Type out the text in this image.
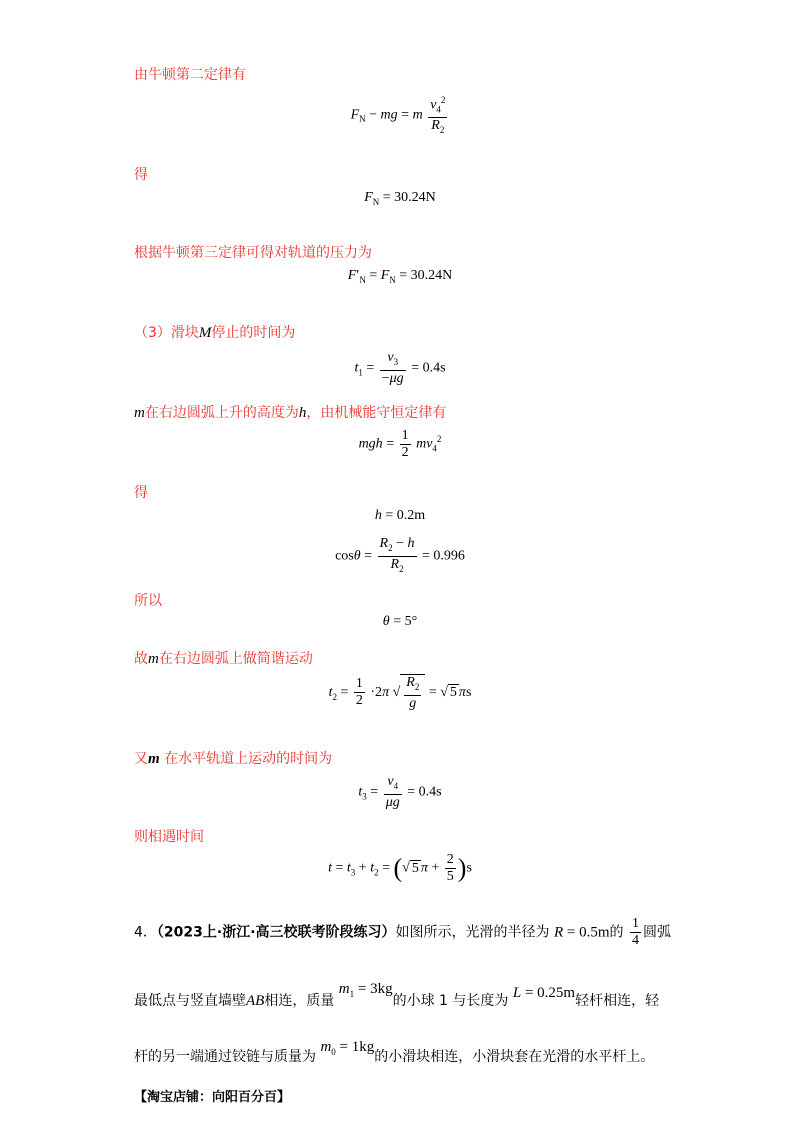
由牛顿第二定律有
$F_N$ − mg = m $\frac{v_4^2}{R_2}$
得
$F_N = 30.24N$
根据牛顿第三定律可得对轨道的压力为
$F'_N = F_N = 30.24N$
（3）滑块M停止的时间为
$t_1 = \frac{v_3}{-\mu g} = 0.4s$
m在右边圆弧上升的高度为h，由机械能守恒定律有
mgh = $\frac{1}{2} mv_4^2$
得
h = 0.2m
$\cos\theta = \frac{R_2 - h}{R_2} = 0.996$
所以
θ = 5°
故m在右边圆弧上做简谐运动
$t_2 = \frac{1}{2} \cdot 2\pi$ √ $\frac{R_2}{g}$ = √ 5 πs
又m 在水平轨道上运动的时间为
$t_3 = \frac{v_4}{\mu g} = 0.4s$
则相遇时间
$t = t_3 + t_2$ = (√ 5 $\pi + \frac{2}{5} )s$
4．（2023上·浙江·高三校联考阶段练习）如图所示，光滑的半径为 R = 0.5m的 $\frac{1}{4}$ 圆弧
最低点与竖直墙壁AB相连，质量 $m_1 = 3kg$的小球 1 与长度为 L = 0.25m轻杆相连，轻
杆的另一端通过铰链与质量为 $m_0 = 1kg$的小滑块相连，小滑块套在光滑的水平杆上。
【淘宝店铺：向阳百分百】
